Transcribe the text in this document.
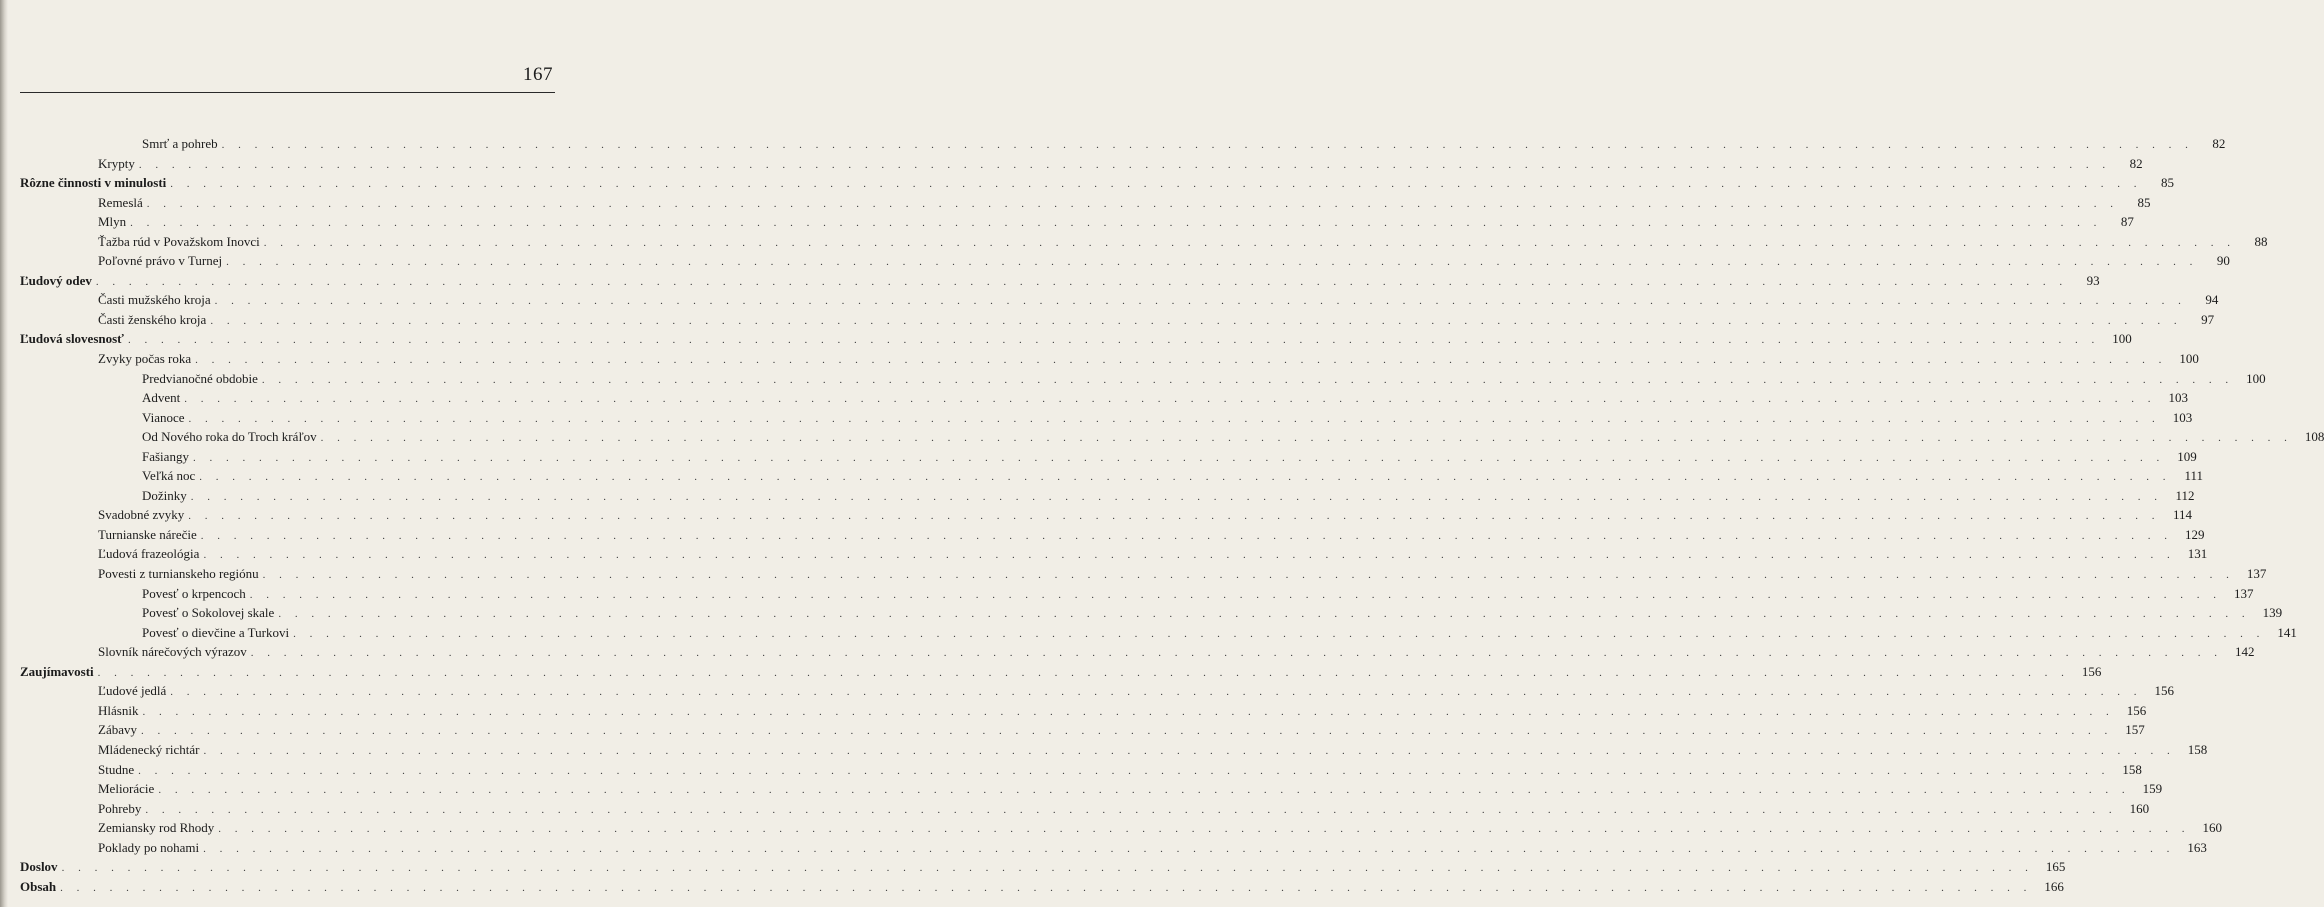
167
Smrť a pohreb . . . . . . . . . . . . . . . . . . . . . . . . . . . . . . . . . . . . . . . . . . . . . . . . . . . . . . . . . . . . . . . . . . . . . . . . . . . . . . . . . . . . . . . . . . . . . . . . . . . . . . . . . . . . . . . . . . . . . . . .	82
Krypty . . . . . . . . . . . . . . . . . . . . . . . . . . . . . . . . . . . . . . . . . . . . . . . . . . . . . . . . . . . . . . . . . . . . . . . . . . . . . . . . . . . . . . . . . . . . . . . . . . . . . . . . . . . . . . . . . . . . . . . .	82
Rôzne činnosti v minulosti . . . . . . . . . . . . . . . . . . . . . . . . . . . . . . . . . . . . . . . . . . . . . . . . . . . . . . . . . . . . . . . . . . . . . . . . . . . . . . . . . . . . . . . . . . . . . . . . . . . . . . . . . . . . . . . . . . . . . . . .	85
Remeslá . . . . . . . . . . . . . . . . . . . . . . . . . . . . . . . . . . . . . . . . . . . . . . . . . . . . . . . . . . . . . . . . . . . . . . . . . . . . . . . . . . . . . . . . . . . . . . . . . . . . . . . . . . . . . . . . . . . . . . . .	85
Mlyn . . . . . . . . . . . . . . . . . . . . . . . . . . . . . . . . . . . . . . . . . . . . . . . . . . . . . . . . . . . . . . . . . . . . . . . . . . . . . . . . . . . . . . . . . . . . . . . . . . . . . . . . . . . . . . . . . . . . . . . .	87
Ťažba rúd v Považskom Inovci . . . . . . . . . . . . . . . . . . . . . . . . . . . . . . . . . . . . . . . . . . . . . . . . . . . . . . . . . . . . . . . . . . . . . . . . . . . . . . . . . . . . . . . . . . . . . . . . . . . . . . . . . . . . . . . . . . . . . . . .	88
Poľovné právo v Turnej . . . . . . . . . . . . . . . . . . . . . . . . . . . . . . . . . . . . . . . . . . . . . . . . . . . . . . . . . . . . . . . . . . . . . . . . . . . . . . . . . . . . . . . . . . . . . . . . . . . . . . . . . . . . . . . . . . . . . . . .	90
Ľudový odev . . . . . . . . . . . . . . . . . . . . . . . . . . . . . . . . . . . . . . . . . . . . . . . . . . . . . . . . . . . . . . . . . . . . . . . . . . . . . . . . . . . . . . . . . . . . . . . . . . . . . . . . . . . . . . . . . . . . . . . .	93
Časti mužského kroja . . . . . . . . . . . . . . . . . . . . . . . . . . . . . . . . . . . . . . . . . . . . . . . . . . . . . . . . . . . . . . . . . . . . . . . . . . . . . . . . . . . . . . . . . . . . . . . . . . . . . . . . . . . . . . . . . . . . . . . .	94
Časti ženského kroja . . . . . . . . . . . . . . . . . . . . . . . . . . . . . . . . . . . . . . . . . . . . . . . . . . . . . . . . . . . . . . . . . . . . . . . . . . . . . . . . . . . . . . . . . . . . . . . . . . . . . . . . . . . . . . . . . . . . . . . .	97
Ľudová slovesnosť . . . . . . . . . . . . . . . . . . . . . . . . . . . . . . . . . . . . . . . . . . . . . . . . . . . . . . . . . . . . . . . . . . . . . . . . . . . . . . . . . . . . . . . . . . . . . . . . . . . . . . . . . . . . . . . . . . . . . . . . 100
Zvyky počas roka . . . . . . . . . . . . . . . . . . . . . . . . . . . . . . . . . . . . . . . . . . . . . . . . . . . . . . . . . . . . . . . . . . . . . . . . . . . . . . . . . . . . . . . . . . . . . . . . . . . . . . . . . . . . . . . . . . . . . . . . 100
Predvianočné obdobie . . . . . . . . . . . . . . . . . . . . . . . . . . . . . . . . . . . . . . . . . . . . . . . . . . . . . . . . . . . . . . . . . . . . . . . . . . . . . . . . . . . . . . . . . . . . . . . . . . . . . . . . . . . . . . . . . . . . . . . . 100
Advent . . . . . . . . . . . . . . . . . . . . . . . . . . . . . . . . . . . . . . . . . . . . . . . . . . . . . . . . . . . . . . . . . . . . . . . . . . . . . . . . . . . . . . . . . . . . . . . . . . . . . . . . . . . . . . . . . . . . . . . . 103
Vianoce . . . . . . . . . . . . . . . . . . . . . . . . . . . . . . . . . . . . . . . . . . . . . . . . . . . . . . . . . . . . . . . . . . . . . . . . . . . . . . . . . . . . . . . . . . . . . . . . . . . . . . . . . . . . . . . . . . . . . . . . 103
Od Nového roka do Troch kráľov . . . . . . . . . . . . . . . . . . . . . . . . . . . . . . . . . . . . . . . . . . . . . . . . . . . . . . . . . . . . . . . . . . . . . . . . . . . . . . . . . . . . . . . . . . . . . . . . . . . . . . . . . . . . . . . . . . . . . . . . 108
Fašiangy . . . . . . . . . . . . . . . . . . . . . . . . . . . . . . . . . . . . . . . . . . . . . . . . . . . . . . . . . . . . . . . . . . . . . . . . . . . . . . . . . . . . . . . . . . . . . . . . . . . . . . . . . . . . . . . . . . . . . . . . 109
Veľká noc . . . . . . . . . . . . . . . . . . . . . . . . . . . . . . . . . . . . . . . . . . . . . . . . . . . . . . . . . . . . . . . . . . . . . . . . . . . . . . . . . . . . . . . . . . . . . . . . . . . . . . . . . . . . . . . . . . . . . . . .	111
Dožinky . . . . . . . . . . . . . . . . . . . . . . . . . . . . . . . . . . . . . . . . . . . . . . . . . . . . . . . . . . . . . . . . . . . . . . . . . . . . . . . . . . . . . . . . . . . . . . . . . . . . . . . . . . . . . . . . . . . . . . . . 112
Svadobné zvyky . . . . . . . . . . . . . . . . . . . . . . . . . . . . . . . . . . . . . . . . . . . . . . . . . . . . . . . . . . . . . . . . . . . . . . . . . . . . . . . . . . . . . . . . . . . . . . . . . . . . . . . . . . . . . . . . . . . . . . . . 114
Turnianske nárečie . . . . . . . . . . . . . . . . . . . . . . . . . . . . . . . . . . . . . . . . . . . . . . . . . . . . . . . . . . . . . . . . . . . . . . . . . . . . . . . . . . . . . . . . . . . . . . . . . . . . . . . . . . . . . . . . . . . . . . . . 129
Ľudová frazeológia . . . . . . . . . . . . . . . . . . . . . . . . . . . . . . . . . . . . . . . . . . . . . . . . . . . . . . . . . . . . . . . . . . . . . . . . . . . . . . . . . . . . . . . . . . . . . . . . . . . . . . . . . . . . . . . . . . . . . . . . 131
Povesti z turnianskeho regiónu . . . . . . . . . . . . . . . . . . . . . . . . . . . . . . . . . . . . . . . . . . . . . . . . . . . . . . . . . . . . . . . . . . . . . . . . . . . . . . . . . . . . . . . . . . . . . . . . . . . . . . . . . . . . . . . . . . . . . . . . 137
Povesť o krpencoch . . . . . . . . . . . . . . . . . . . . . . . . . . . . . . . . . . . . . . . . . . . . . . . . . . . . . . . . . . . . . . . . . . . . . . . . . . . . . . . . . . . . . . . . . . . . . . . . . . . . . . . . . . . . . . . . . . . . . . . . 137
Povesť o Sokolovej skale . . . . . . . . . . . . . . . . . . . . . . . . . . . . . . . . . . . . . . . . . . . . . . . . . . . . . . . . . . . . . . . . . . . . . . . . . . . . . . . . . . . . . . . . . . . . . . . . . . . . . . . . . . . . . . . . . . . . . . . . 139
Povesť o dievčine a Turkovi . . . . . . . . . . . . . . . . . . . . . . . . . . . . . . . . . . . . . . . . . . . . . . . . . . . . . . . . . . . . . . . . . . . . . . . . . . . . . . . . . . . . . . . . . . . . . . . . . . . . . . . . . . . . . . . . . . . . . . . . 141
Slovník nárečových výrazov . . . . . . . . . . . . . . . . . . . . . . . . . . . . . . . . . . . . . . . . . . . . . . . . . . . . . . . . . . . . . . . . . . . . . . . . . . . . . . . . . . . . . . . . . . . . . . . . . . . . . . . . . . . . . . . . . . . . . . . . 142
Zaujímavosti . . . . . . . . . . . . . . . . . . . . . . . . . . . . . . . . . . . . . . . . . . . . . . . . . . . . . . . . . . . . . . . . . . . . . . . . . . . . . . . . . . . . . . . . . . . . . . . . . . . . . . . . . . . . . . . . . . . . . . . . 156
Ľudové jedlá . . . . . . . . . . . . . . . . . . . . . . . . . . . . . . . . . . . . . . . . . . . . . . . . . . . . . . . . . . . . . . . . . . . . . . . . . . . . . . . . . . . . . . . . . . . . . . . . . . . . . . . . . . . . . . . . . . . . . . . . 156
Hlásnik . . . . . . . . . . . . . . . . . . . . . . . . . . . . . . . . . . . . . . . . . . . . . . . . . . . . . . . . . . . . . . . . . . . . . . . . . . . . . . . . . . . . . . . . . . . . . . . . . . . . . . . . . . . . . . . . . . . . . . . . 156
Zábavy . . . . . . . . . . . . . . . . . . . . . . . . . . . . . . . . . . . . . . . . . . . . . . . . . . . . . . . . . . . . . . . . . . . . . . . . . . . . . . . . . . . . . . . . . . . . . . . . . . . . . . . . . . . . . . . . . . . . . . . . 157
Mládenecký richtár . . . . . . . . . . . . . . . . . . . . . . . . . . . . . . . . . . . . . . . . . . . . . . . . . . . . . . . . . . . . . . . . . . . . . . . . . . . . . . . . . . . . . . . . . . . . . . . . . . . . . . . . . . . . . . . . . . . . . . . . 158
Studne . . . . . . . . . . . . . . . . . . . . . . . . . . . . . . . . . . . . . . . . . . . . . . . . . . . . . . . . . . . . . . . . . . . . . . . . . . . . . . . . . . . . . . . . . . . . . . . . . . . . . . . . . . . . . . . . . . . . . . . . 158
Meliorácie . . . . . . . . . . . . . . . . . . . . . . . . . . . . . . . . . . . . . . . . . . . . . . . . . . . . . . . . . . . . . . . . . . . . . . . . . . . . . . . . . . . . . . . . . . . . . . . . . . . . . . . . . . . . . . . . . . . . . . . . 159
Pohreby . . . . . . . . . . . . . . . . . . . . . . . . . . . . . . . . . . . . . . . . . . . . . . . . . . . . . . . . . . . . . . . . . . . . . . . . . . . . . . . . . . . . . . . . . . . . . . . . . . . . . . . . . . . . . . . . . . . . . . . . 160
Zemiansky rod Rhody . . . . . . . . . . . . . . . . . . . . . . . . . . . . . . . . . . . . . . . . . . . . . . . . . . . . . . . . . . . . . . . . . . . . . . . . . . . . . . . . . . . . . . . . . . . . . . . . . . . . . . . . . . . . . . . . . . . . . . . . 160
Poklady po nohami . . . . . . . . . . . . . . . . . . . . . . . . . . . . . . . . . . . . . . . . . . . . . . . . . . . . . . . . . . . . . . . . . . . . . . . . . . . . . . . . . . . . . . . . . . . . . . . . . . . . . . . . . . . . . . . . . . . . . . . . 163
Doslov . . . . . . . . . . . . . . . . . . . . . . . . . . . . . . . . . . . . . . . . . . . . . . . . . . . . . . . . . . . . . . . . . . . . . . . . . . . . . . . . . . . . . . . . . . . . . . . . . . . . . . . . . . . . . . . . . . . . . . . . 165
Obsah . . . . . . . . . . . . . . . . . . . . . . . . . . . . . . . . . . . . . . . . . . . . . . . . . . . . . . . . . . . . . . . . . . . . . . . . . . . . . . . . . . . . . . . . . . . . . . . . . . . . . . . . . . . . . . . . . . . . . . . . 166
